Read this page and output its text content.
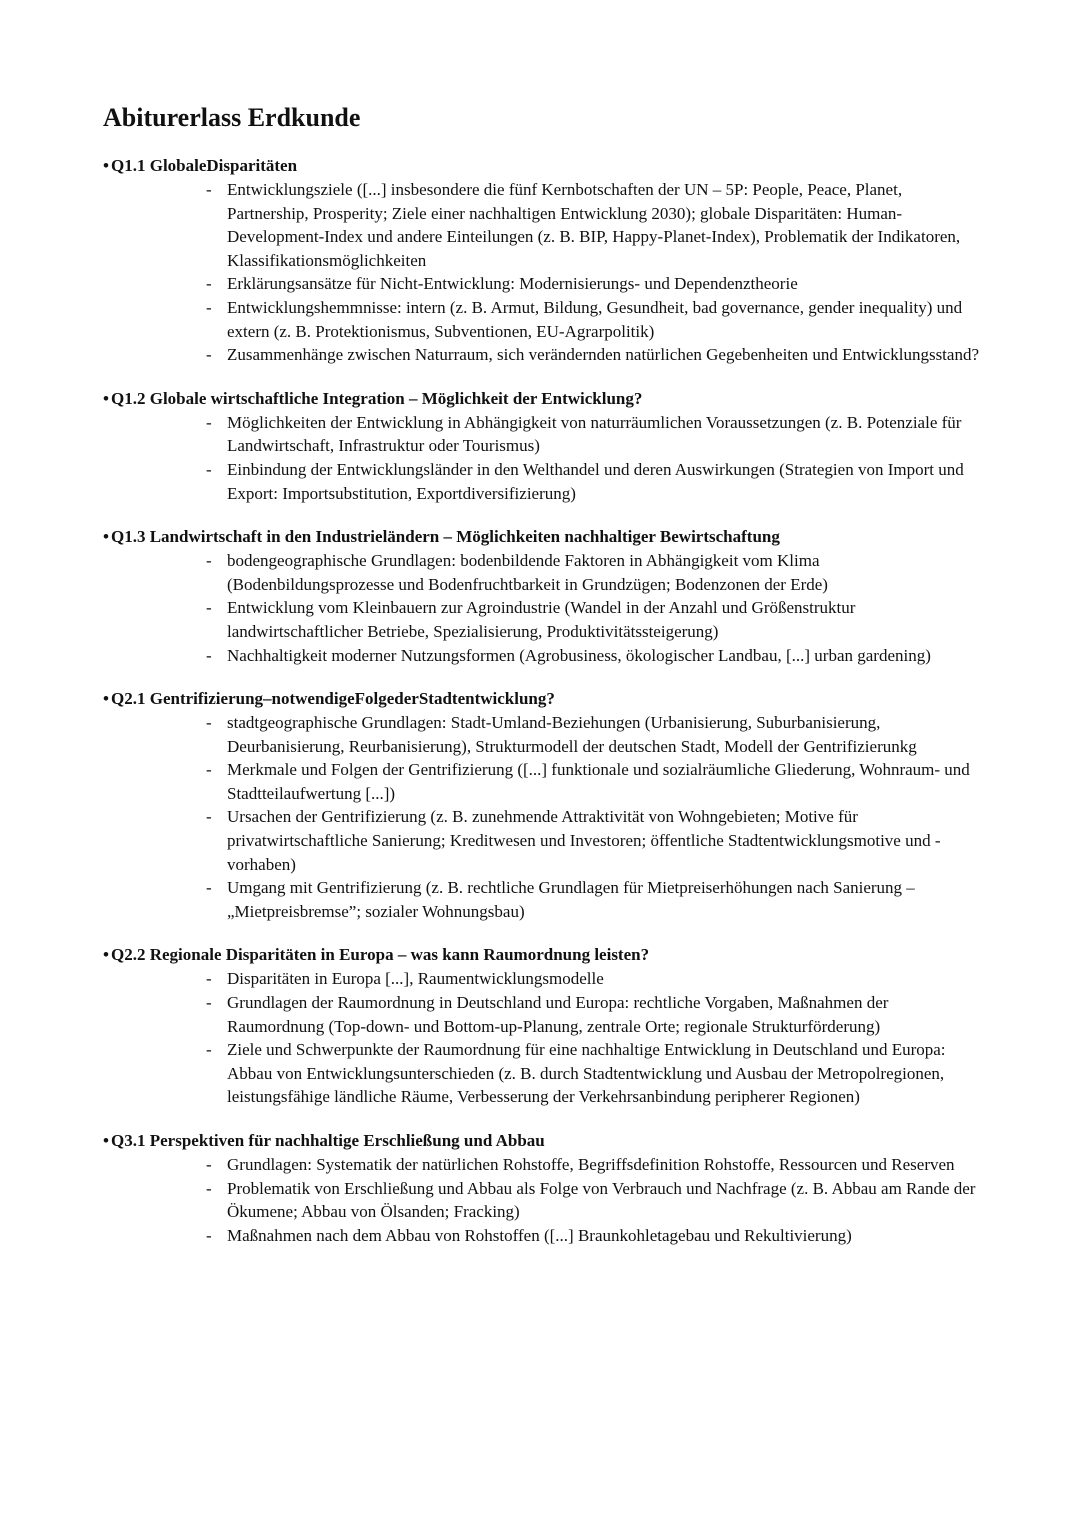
Abiturerlass Erdkunde
• Q1.1 GlobaleDisparitäten
- Entwicklungsziele ([...] insbesondere die fünf Kernbotschaften der UN – 5P: People, Peace, Planet, Partnership, Prosperity; Ziele einer nachhaltigen Entwicklung 2030); globale Disparitäten: Human-Development-Index und andere Einteilungen (z. B. BIP, Happy-Planet-Index), Problematik der Indikatoren, Klassifikationsmöglichkeiten
- Erklärungsansätze für Nicht-Entwicklung: Modernisierungs- und Dependenztheorie
- Entwicklungshemmnisse: intern (z. B. Armut, Bildung, Gesundheit, bad governance, gender inequality) und extern (z. B. Protektionismus, Subventionen, EU-Agrarpolitik)
- Zusammenhänge zwischen Naturraum, sich verändernden natürlichen Gegebenheiten und Entwicklungsstand?
• Q1.2 Globale wirtschaftliche Integration – Möglichkeit der Entwicklung?
- Möglichkeiten der Entwicklung in Abhängigkeit von naturräumlichen Voraussetzungen (z. B. Potenziale für Landwirtschaft, Infrastruktur oder Tourismus)
- Einbindung der Entwicklungsländer in den Welthandel und deren Auswirkungen (Strategien von Import und Export: Importsubstitution, Exportdiversifizierung)
• Q1.3 Landwirtschaft in den Industrieländern – Möglichkeiten nachhaltiger Bewirtschaftung
- bodengeographische Grundlagen: bodenbildende Faktoren in Abhängigkeit vom Klima (Bodenbildungsprozesse und Bodenfruchtbarkeit in Grundzügen; Bodenzonen der Erde)
- Entwicklung vom Kleinbauern zur Agroindustrie (Wandel in der Anzahl und Größenstruktur landwirtschaftlicher Betriebe, Spezialisierung, Produktivitätssteigerung)
- Nachhaltigkeit moderner Nutzungsformen (Agrobusiness, ökologischer Landbau, [...] urban gardening)
• Q2.1 Gentrifizierung–notwendigeFolgederStadtentwicklung?
- stadtgeographische Grundlagen: Stadt-Umland-Beziehungen (Urbanisierung, Suburbanisierung, Deurbanisierung, Reurbanisierung), Strukturmodell der deutschen Stadt, Modell der Gentrifizierunkg
- Merkmale und Folgen der Gentrifizierung ([...] funktionale und sozialräumliche Gliederung, Wohnraum- und Stadtteilaufwertung [...])
- Ursachen der Gentrifizierung (z. B. zunehmende Attraktivität von Wohngebieten; Motive für privatwirtschaftliche Sanierung; Kreditwesen und Investoren; öffentliche Stadtentwicklungsmotive und -vorhaben)
- Umgang mit Gentrifizierung (z. B. rechtliche Grundlagen für Mietpreiserhöhungen nach Sanierung – „Mietpreisbremse”; sozialer Wohnungsbau)
• Q2.2 Regionale Disparitäten in Europa – was kann Raumordnung leisten?
- Disparitäten in Europa [...], Raumentwicklungsmodelle
- Grundlagen der Raumordnung in Deutschland und Europa: rechtliche Vorgaben, Maßnahmen der Raumordnung (Top-down- und Bottom-up-Planung, zentrale Orte; regionale Strukturförderung)
- Ziele und Schwerpunkte der Raumordnung für eine nachhaltige Entwicklung in Deutschland und Europa: Abbau von Entwicklungsunterschieden (z. B. durch Stadtentwicklung und Ausbau der Metropolregionen, leistungsfähige ländliche Räume, Verbesserung der Verkehrsanbindung peripherer Regionen)
• Q3.1 Perspektiven für nachhaltige Erschließung und Abbau
- Grundlagen: Systematik der natürlichen Rohstoffe, Begriffsdefinition Rohstoffe, Ressourcen und Reserven
- Problematik von Erschließung und Abbau als Folge von Verbrauch und Nachfrage (z. B. Abbau am Rande der Ökumene; Abbau von Ölsanden; Fracking)
- Maßnahmen nach dem Abbau von Rohstoffen ([...] Braunkohletagebau und Rekultivierung)
